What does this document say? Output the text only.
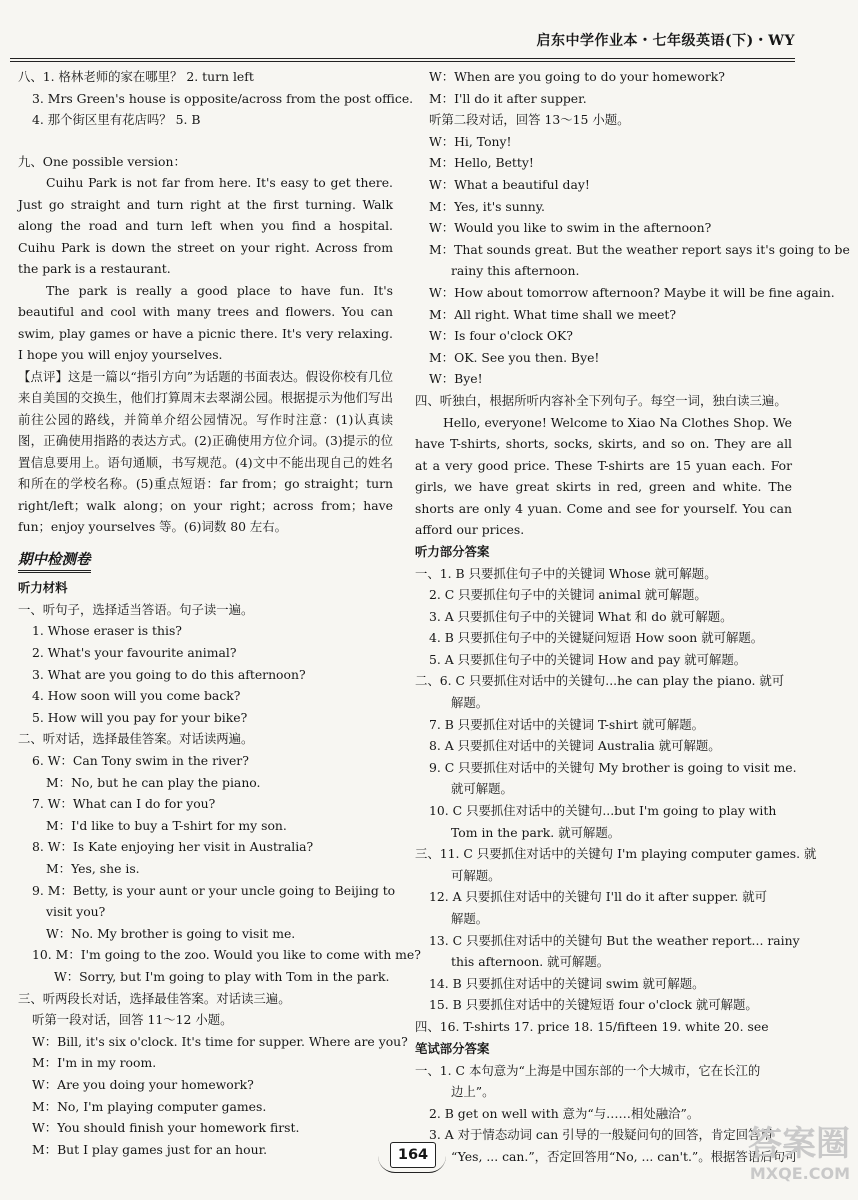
启东中学作业本・七年级英语(下)・WY
八、1. 格林老师的家在哪里？ 2. turn left
3. Mrs Green's house is opposite/across from the post office.
4. 那个街区里有花店吗？ 5. B
九、One possible version：
Cuihu Park is not far from here. It's easy to get there. Just go straight and turn right at the first turning. Walk along the road and turn left when you find a hospital. Cuihu Park is down the street on your right. Across from the park is a restaurant.
The park is really a good place to have fun. It's beautiful and cool with many trees and flowers. You can swim, play games or have a picnic there. It's very relaxing. I hope you will enjoy yourselves.
【点评】这是一篇以“指引方向”为话题的书面表达。假设你校有几位来自美国的交换生，他们打算周末去翠湖公园。根据提示为他们写出前往公园的路线，并简单介绍公园情况。写作时注意：(1)认真读图，正确使用指路的表达方式。(2)正确使用方位介词。(3)提示的位置信息要用上。语句通顺，书写规范。(4)文中不能出现自己的姓名和所在的学校名称。(5)重点短语：far from；go straight；turn right/left；walk along；on your right；across from；have fun；enjoy yourselves 等。(6)词数 80 左右。
期中检测卷
听力材料
一、听句子，选择适当答语。句子读一遍。
1. Whose eraser is this?
2. What's your favourite animal?
3. What are you going to do this afternoon?
4. How soon will you come back?
5. How will you pay for your bike?
二、听对话，选择最佳答案。对话读两遍。
6. W：Can Tony swim in the river?
M：No, but he can play the piano.
7. W：What can I do for you?
M：I'd like to buy a T-shirt for my son.
8. W：Is Kate enjoying her visit in Australia?
M：Yes, she is.
9. M：Betty, is your aunt or your uncle going to Beijing to
visit you?
W：No. My brother is going to visit me.
10. M：I'm going to the zoo. Would you like to come with me?
W：Sorry, but I'm going to play with Tom in the park.
三、听两段长对话，选择最佳答案。对话读三遍。
听第一段对话，回答 11～12 小题。
W：Bill, it's six o'clock. It's time for supper. Where are you?
M：I'm in my room.
W：Are you doing your homework?
M：No, I'm playing computer games.
W：You should finish your homework first.
M：But I play games just for an hour.
W：When are you going to do your homework?
M：I'll do it after supper.
听第二段对话，回答 13～15 小题。
W：Hi, Tony!
M：Hello, Betty!
W：What a beautiful day!
M：Yes, it's sunny.
W：Would you like to swim in the afternoon?
M：That sounds great. But the weather report says it's going to be
rainy this afternoon.
W：How about tomorrow afternoon? Maybe it will be fine again.
M：All right. What time shall we meet?
W：Is four o'clock OK?
M：OK. See you then. Bye!
W：Bye!
四、听独白，根据所听内容补全下列句子。每空一词，独白读三遍。
Hello, everyone! Welcome to Xiao Na Clothes Shop. We have T-shirts, shorts, socks, skirts, and so on. They are all at a very good price. These T-shirts are 15 yuan each. For girls, we have great skirts in red, green and white. The shorts are only 4 yuan. Come and see for yourself. You can afford our prices.
听力部分答案
一、1. B 只要抓住句子中的关键词 Whose 就可解题。
2. C 只要抓住句子中的关键词 animal 就可解题。
3. A 只要抓住句子中的关键词 What 和 do 就可解题。
4. B 只要抓住句子中的关键疑问短语 How soon 就可解题。
5. A 只要抓住句子中的关键词 How and pay 就可解题。
二、6. C 只要抓住对话中的关键句...he can play the piano. 就可
解题。
7. B 只要抓住对话中的关键词 T-shirt 就可解题。
8. A 只要抓住对话中的关键词 Australia 就可解题。
9. C 只要抓住对话中的关键句 My brother is going to visit me.
就可解题。
10. C 只要抓住对话中的关键句...but I'm going to play with
Tom in the park. 就可解题。
三、11. C 只要抓住对话中的关键句 I'm playing computer games. 就
可解题。
12. A 只要抓住对话中的关键句 I'll do it after supper. 就可
解题。
13. C 只要抓住对话中的关键句 But the weather report... rainy
this afternoon. 就可解题。
14. B 只要抓住对话中的关键词 swim 就可解题。
15. B 只要抓住对话中的关键短语 four o'clock 就可解题。
四、16. T-shirts 17. price 18. 15/fifteen 19. white 20. see
笔试部分答案
一、1. C 本句意为“上海是中国东部的一个大城市，它在长江的
边上”。
2. B get on well with 意为“与……相处融洽”。
3. A 对于情态动词 can 引导的一般疑问句的回答，肯定回答用
“Yes, ... can.”，否定回答用“No, ... can't.”。根据答语后句可
164	答案圈
MXQE.COM
